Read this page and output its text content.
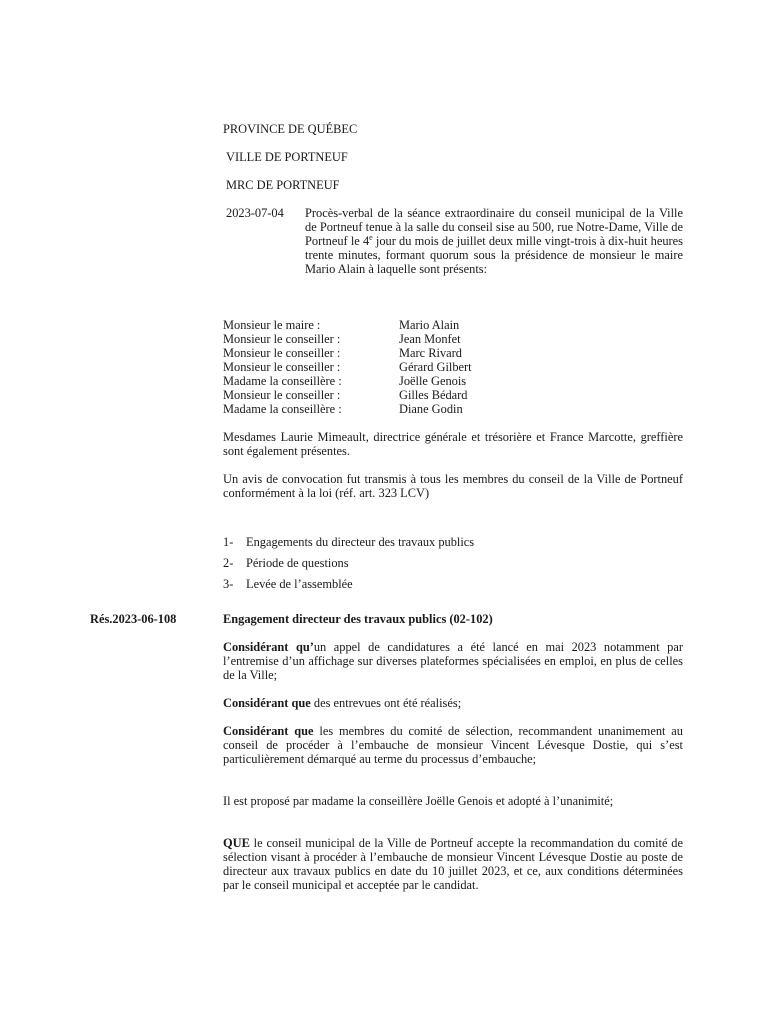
PROVINCE DE QUÉBEC
VILLE DE PORTNEUF
MRC DE PORTNEUF
2023-07-04 Procès-verbal de la séance extraordinaire du conseil municipal de la Ville de Portneuf tenue à la salle du conseil sise au 500, rue Notre-Dame, Ville de Portneuf le 4e jour du mois de juillet deux mille vingt-trois à dix-huit heures trente minutes, formant quorum sous la présidence de monsieur le maire Mario Alain à laquelle sont présents:

Monsieur le maire :	Mario Alain
Monsieur le conseiller :	Jean Monfet
Monsieur le conseiller :	Marc Rivard
Monsieur le conseiller :	Gérard Gilbert
Madame la conseillère :	Joëlle Genois
Monsieur le conseiller :	Gilles Bédard
Madame la conseillère :	Diane Godin

Mesdames Laurie Mimeault, directrice générale et trésorière et France Marcotte, greffière sont également présentes.

Un avis de convocation fut transmis à tous les membres du conseil de la Ville de Portneuf conformément à la loi (réf. art. 323 LCV)

1- Engagements du directeur des travaux publics
2- Période de questions
3- Levée de l’assemblée
Rés.2023-06-108	Engagement directeur des travaux publics (02-102)

Considérant qu’un appel de candidatures a été lancé en mai 2023 notamment par l’entremise d’un affichage sur diverses plateformes spécialisées en emploi, en plus de celles de la Ville;

Considérant que des entrevues ont été réalisés;

Considérant que les membres du comité de sélection, recommandent unanimement au conseil de procéder à l’embauche de monsieur Vincent Lévesque Dostie, qui s’est particulièrement démarqué au terme du processus d’embauche;

Il est proposé par madame la conseillère Joëlle Genois et adopté à l’unanimité;

QUE le conseil municipal de la Ville de Portneuf accepte la recommandation du comité de sélection visant à procéder à l’embauche de monsieur Vincent Lévesque Dostie au poste de directeur aux travaux publics en date du 10 juillet 2023, et ce, aux conditions déterminées par le conseil municipal et acceptée par le candidat.
